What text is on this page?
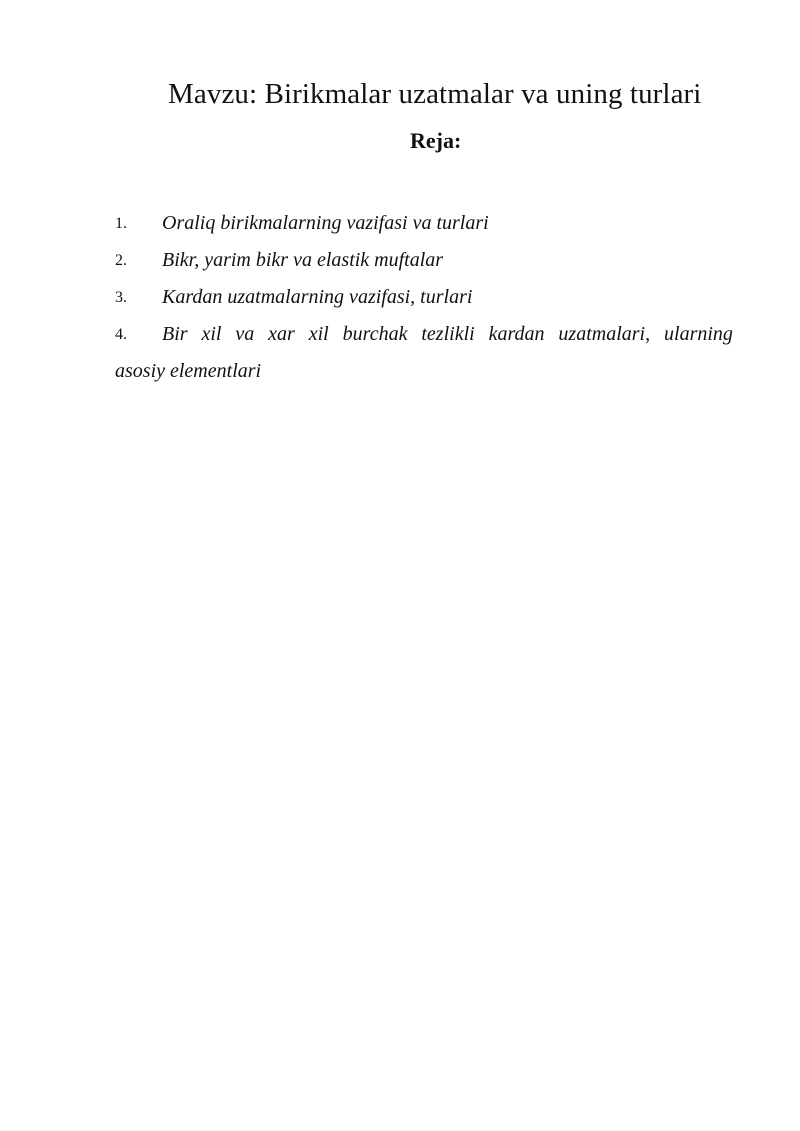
Mavzu: Birikmalar uzatmalar va uning turlari
Reja:
1.	Oraliq birikmalarning vazifasi va turlari
2.	Bikr, yarim bikr va elastik muftalar
3.	Kardan uzatmalarning vazifasi, turlari
4. Bir xil va xar xil burchak tezlikli kardan uzatmalari, ularning
asosiy elementlari
